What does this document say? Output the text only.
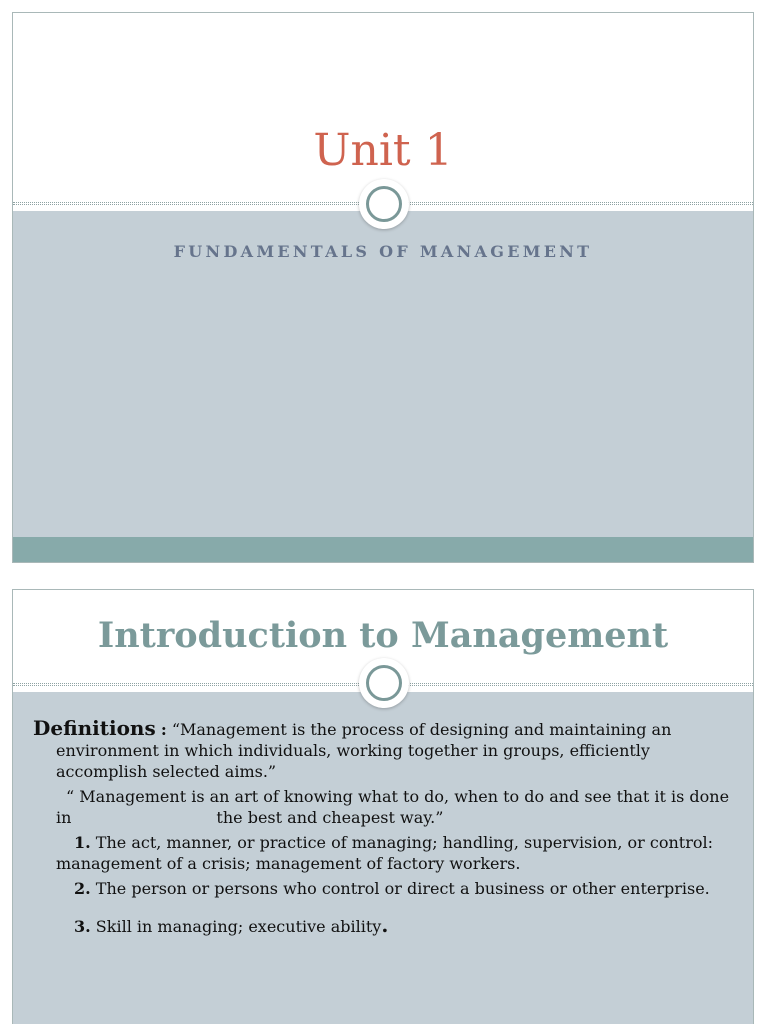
Unit 1
FUNDAMENTALS OF MANAGEMENT
Introduction to Management

Definitions : “Management is the process of designing and maintaining an environment in which individuals, working together in groups, efficiently accomplish selected aims.”

“ Management is an art of knowing what to do, when to do and see that it is done in	the best and cheapest way.”

1. The act, manner, or practice of managing; handling, supervision, or control:    management of a crisis; management of factory workers.

2. The person or persons who control or direct a business or other enterprise.

3. Skill in managing; executive ability.
